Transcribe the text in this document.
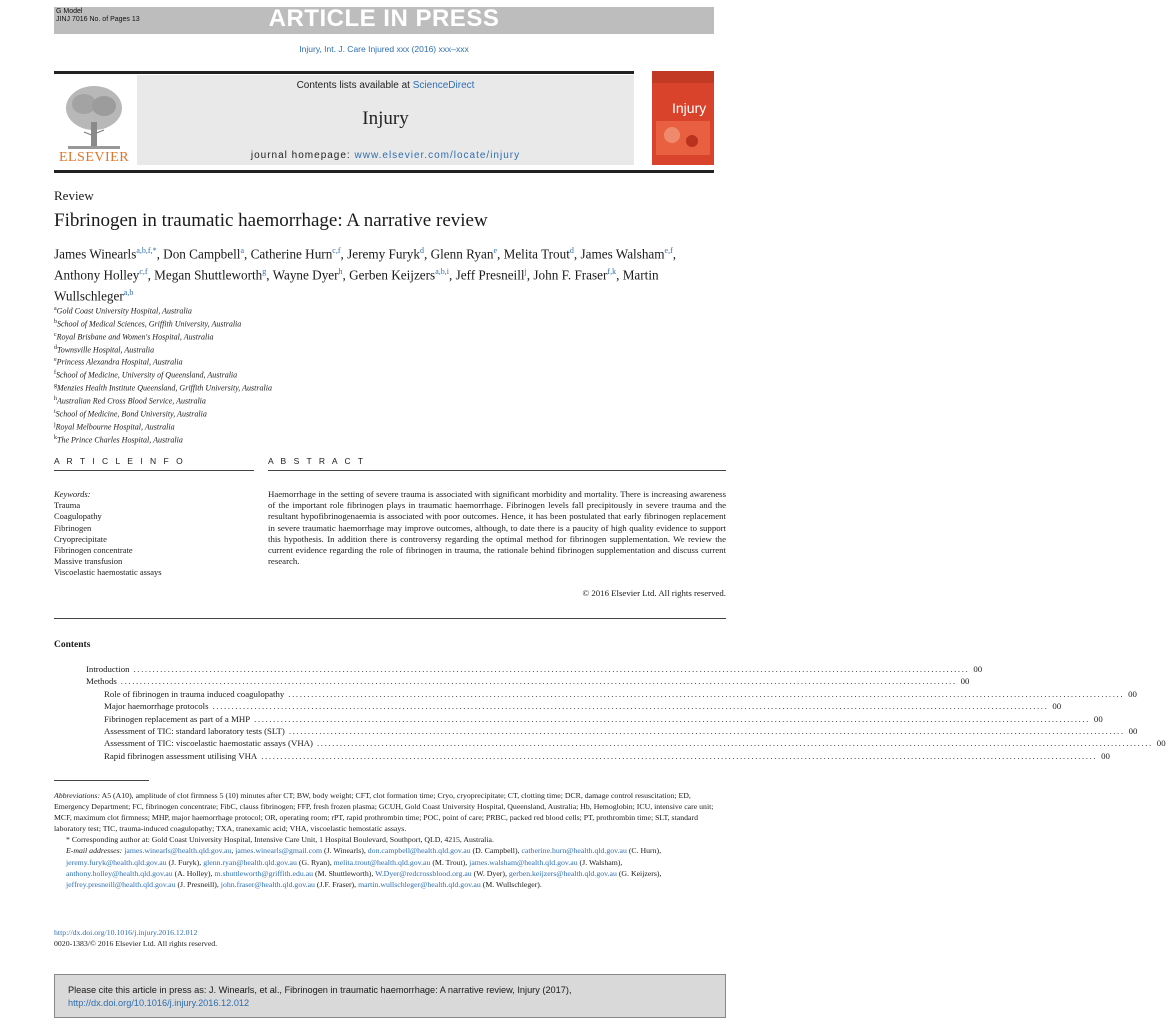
G Model
JINJ 7016 No. of Pages 13	ARTICLE IN PRESS
Injury, Int. J. Care Injured xxx (2016) xxx–xxx
ELSEVIER
Contents lists available at ScienceDirect
Injury
journal homepage: www.elsevier.com/locate/injury
Injury
Review
Fibrinogen in traumatic haemorrhage: A narrative review
James Winearls$^{a,b,f,*}$, Don Campbell$^a$, Catherine Hurn$^{c,f}$, Jeremy Furyk$^d$, Glenn Ryan$^e$, Melita Trout$^d$, James Walsham$^{e,f}$, Anthony Holley$^{c,f}$, Megan Shuttleworth$^g$, Wayne Dyer$^h$, Gerben Keijzers$^{a,b,i}$, Jeff Presneill$^j$, John F. Fraser$^{f,k}$, Martin Wullschleger$^{a,b}$
$^a$Gold Coast University Hospital, Australia
$^b$School of Medical Sciences, Griffith University, Australia
$^c$Royal Brisbane and Women's Hospital, Australia
$^d$Townsville Hospital, Australia
$^e$Princess Alexandra Hospital, Australia
$^f$School of Medicine, University of Queensland, Australia
$^g$Menzies Health Institute Queensland, Griffith University, Australia
$^h$Australian Red Cross Blood Service, Australia
$^i$School of Medicine, Bond University, Australia
$^j$Royal Melbourne Hospital, Australia
$^k$The Prince Charles Hospital, Australia
A R T I C L E I N F O	A B S T R A C T
Keywords:
Trauma
Coagulopathy
Fibrinogen
Cryoprecipitate
Fibrinogen concentrate
Massive transfusion
Viscoelastic haemostatic assays
Haemorrhage in the setting of severe trauma is associated with significant morbidity and mortality. There is increasing awareness of the important role fibrinogen plays in traumatic haemorrhage. Fibrinogen levels fall precipitously in severe trauma and the resultant hypofibrinogenaemia is associated with poor outcomes. Hence, it has been postulated that early fibrinogen replacement in severe traumatic haemorrhage may improve outcomes, although, to date there is a paucity of high quality evidence to support this hypothesis. In addition there is controversy regarding the optimal method for fibrinogen supplementation. We review the current evidence regarding the role of fibrinogen in trauma, the rationale behind fibrinogen supplementation and discuss current research.
© 2016 Elsevier Ltd. All rights reserved.
Contents
Introduction ............................................................................................................................................................................................................................ 00
Methods ............................................................................................................................................................................................................................ 00
Role of fibrinogen in trauma induced coagulopathy ............................................................................................................................................................................................................................ 00
Major haemorrhage protocols ............................................................................................................................................................................................................................ 00
Fibrinogen replacement as part of a MHP ............................................................................................................................................................................................................................ 00
Assessment of TIC: standard laboratory tests (SLT) ............................................................................................................................................................................................................................ 00
Assessment of TIC: viscoelastic haemostatic assays (VHA) ............................................................................................................................................................................................................................ 00
Rapid fibrinogen assessment utilising VHA ............................................................................................................................................................................................................................ 00
Abbreviations: A5 (A10), amplitude of clot firmness 5 (10) minutes after CT; BW, body weight; CFT, clot formation time; Cryo, cryoprecipitate; CT, clotting time; DCR, damage control resuscitation; ED, Emergency Department; FC, fibrinogen concentrate; FibC, clauss fibrinogen; FFP, fresh frozen plasma; GCUH, Gold Coast University Hospital, Queensland, Australia; Hb, Hemoglobin; ICU, intensive care unit; MCF, maximum clot firmness; MHP, major haemorrhage protocol; OR, operating room; rPT, rapid prothrombin time; POC, point of care; PRBC, packed red blood cells; PT, prothrombin time; SLT, standard laboratory test; TIC, trauma-induced coagulopathy; TXA, tranexamic acid; VHA, viscoelastic hemostatic assays.
* Corresponding author at: Gold Coast University Hospital, Intensive Care Unit, 1 Hospital Boulevard, Southport, QLD, 4215, Australia.
E-mail addresses: james.winearls@health.qld.gov.au, james.winearls@gmail.com (J. Winearls), don.campbell@health.qld.gov.au (D. Campbell), catherine.hurn@health.qld.gov.au (C. Hurn), jeremy.furyk@health.qld.gov.au (J. Furyk), glenn.ryan@health.qld.gov.au (G. Ryan), melita.trout@health.qld.gov.au (M. Trout), james.walsham@health.qld.gov.au (J. Walsham), anthony.holley@health.qld.gov.au (A. Holley), m.shuttleworth@griffith.edu.au (M. Shuttleworth), W.Dyer@redcrossblood.org.au (W. Dyer), gerben.keijzers@health.qld.gov.au (G. Keijzers), jeffrey.presneill@health.qld.gov.au (J. Presneill), john.fraser@health.qld.gov.au (J.F. Fraser), martin.wullschleger@health.qld.gov.au (M. Wullschleger).
http://dx.doi.org/10.1016/j.injury.2016.12.012
0020-1383/© 2016 Elsevier Ltd. All rights reserved.
Please cite this article in press as: J. Winearls, et al., Fibrinogen in traumatic haemorrhage: A narrative review, Injury (2017), http://dx.doi.org/10.1016/j.injury.2016.12.012
